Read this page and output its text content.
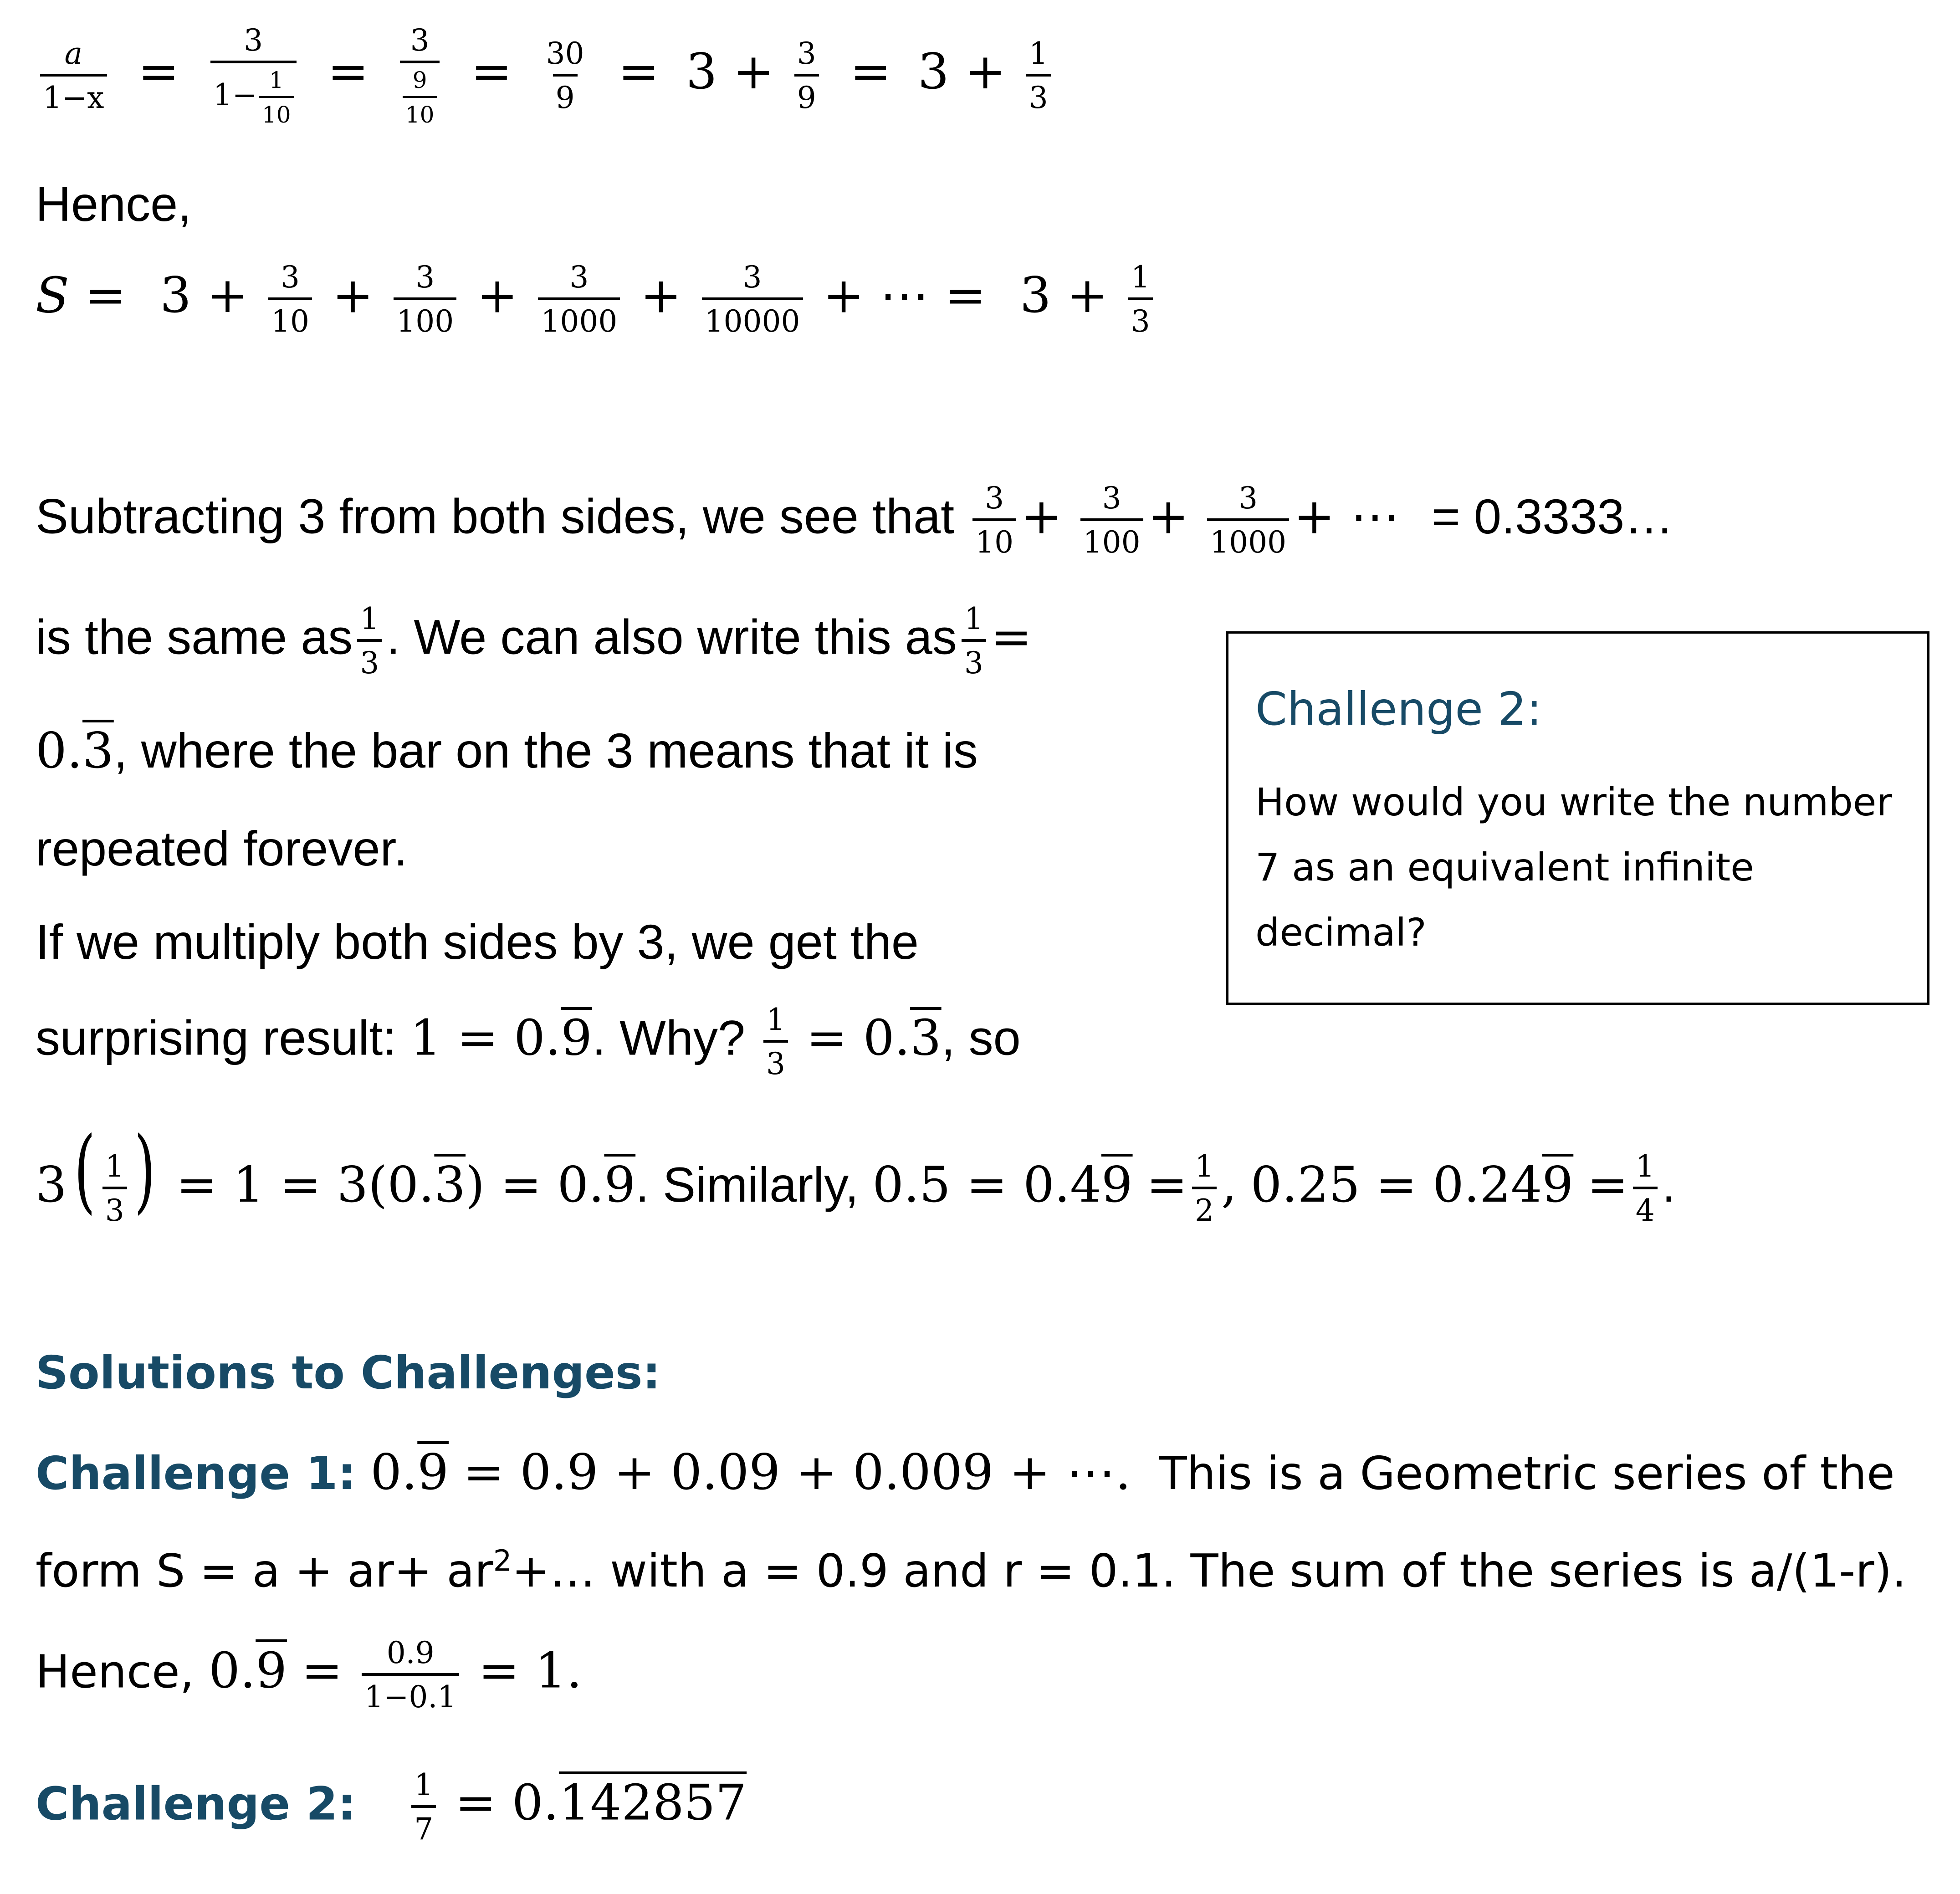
$\frac{a}{1-x} = \frac{3}{1- \frac{1}{10}} = \frac{3}{\frac{9}{10}} = \frac{30}{9} = 3 + \frac{3}{9} = 3 + \frac{1}{3}$
Hence,
$S = 3 + \frac{3}{10} + \frac{3}{100} + \frac{3}{1000} + \frac{3}{10000}$ + ⋯ = $3 + \frac{1}{3}$
Subtracting 3 from both sides, we see that $\frac{3}{10} + \frac{3}{100} + \frac{3}{1000}$ + ⋯ = 0.3333…
is the same as $\frac{1}{3}$ . We can also write this as $\frac{1}{3}$ =
0.3, where the bar on the 3 means that it is
repeated forever.
If we multiply both sides by 3, we get the
surprising result: 1 = 0.9. Why? $\frac{1}{3} = 0.3$, so
$3( \frac{1}{3}$ ) = 1 = 3(0.3) = 0.9. Similarly, $0.5 = 0.49 = \frac{1}{2}$ , $0.25 = 0.249 = \frac{1}{4}$ .
Challenge 2:
How would you write the number 7 as an equivalent infinite decimal?
Solutions to Challenges:
Challenge 1: 0.9 = 0.9 + 0.09 + 0.009 + ⋯. This is a Geometric series of the
form $S = a + ar+ ar^2+\dots$ with a = 0.9 and r = 0.1. The sum of the series is a/(1-r).
Hence, $0.9 = \frac{0.9}{1-0.1} = 1$.
Challenge 2: $\frac{1}{7} = 0.142857$
